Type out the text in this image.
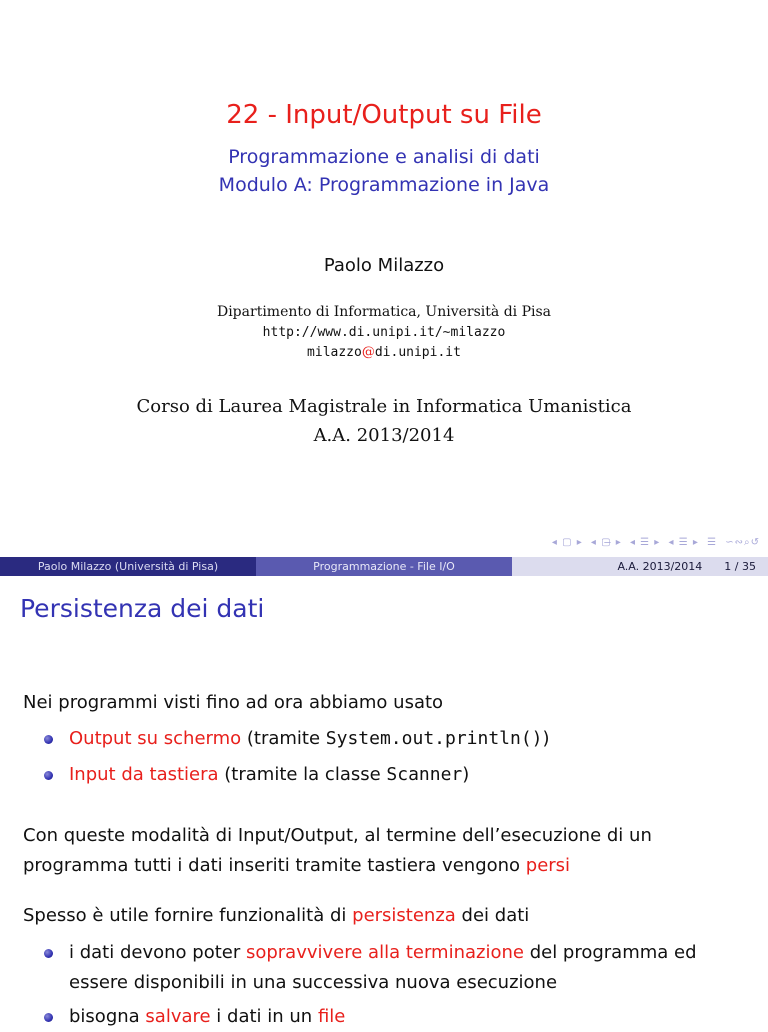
22 - Input/Output su File
Programmazione e analisi di dati
Modulo A: Programmazione in Java
Paolo Milazzo
Dipartimento di Informatica, Università di Pisa
http://www.di.unipi.it/∼milazzo
milazzo@di.unipi.it
Corso di Laurea Magistrale in Informatica Umanistica
A.A. 2013/2014
◂ ▢ ▸ ◂ ▢̶ ▸ ◂ ☰ ▸ ◂ ☰ ▸ ☰ ∽∾⌕↺
Paolo Milazzo (Università di Pisa)	Programmazione - File I/O	A.A. 2013/2014 1 / 35
Persistenza dei dati
Nei programmi visti fino ad ora abbiamo usato
Output su schermo (tramite System.out.println())
Input da tastiera (tramite la classe Scanner)
Con queste modalità di Input/Output, al termine dell’esecuzione di un
programma tutti i dati inseriti tramite tastiera vengono persi
Spesso è utile fornire funzionalità di persistenza dei dati
i dati devono poter sopravvivere alla terminazione del programma ed
essere disponibili in una successiva nuova esecuzione
bisogna salvare i dati in un file
